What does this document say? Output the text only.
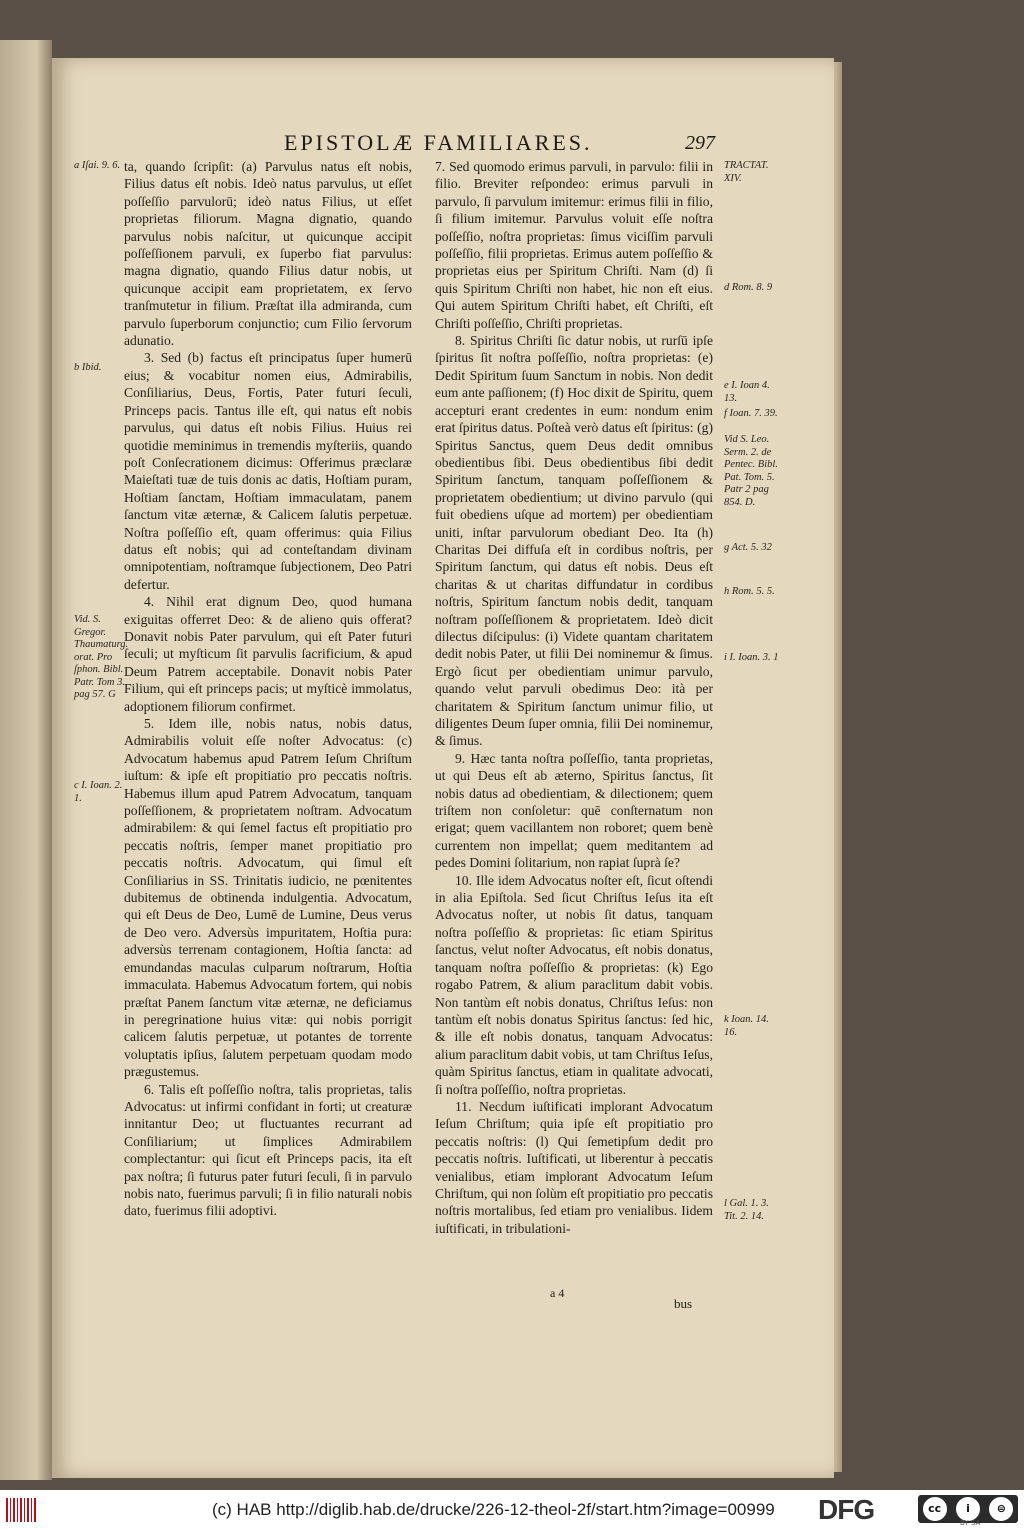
EPISTOLÆ FAMILIARES.	297

ta, quando ſcripſit: (a) Parvulus natus eſt nobis, Filius datus eſt nobis. Ideò natus parvulus, ut eſſet poſſeſſio parvulorū; ideò natus Filius, ut eſſet proprietas filiorum. Magna dignatio, quando parvulus nobis naſcitur, ut quicunque accipit poſſeſſionem parvuli, ex ſuperbo fiat parvulus: magna dignatio, quando Filius datur nobis, ut quicunque accipit eam proprietatem, ex ſervo tranſmutetur in filium. Præſtat illa admiranda, cum parvulo ſuperborum conjunctio; cum Filio ſervorum adunatio.

3. Sed (b) factus eſt principatus ſuper humerū eius; & vocabitur nomen eius, Admirabilis, Conſiliarius, Deus, Fortis, Pater futuri ſeculi, Princeps pacis. Tantus ille eſt, qui natus eſt nobis parvulus, qui datus eſt nobis Filius. Huius rei quotidie meminimus in tremendis myſteriis, quando poſt Conſecrationem dicimus: Offerimus præclaræ Maieſtati tuæ de tuis donis ac datis, Hoſtiam puram, Hoſtiam ſanctam, Hoſtiam immaculatam, panem ſanctum vitæ æternæ, & Calicem ſalutis perpetuæ. Noſtra poſſeſſio eſt, quam offerimus: quia Filius datus eſt nobis; qui ad conteſtandam divinam omnipotentiam, noſtramque ſubjectionem, Deo Patri defertur.

4. Nihil erat dignum Deo, quod humana exiguitas offerret Deo: & de alieno quis offerat? Donavit nobis Pater parvulum, qui eſt Pater futuri ſeculi; ut myſticum ſit parvulis ſacrificium, & apud Deum Patrem acceptabile. Donavit nobis Pater Filium, qui eſt princeps pacis; ut myſticè immolatus, adoptionem filiorum confirmet.

5. Idem ille, nobis natus, nobis datus, Admirabilis voluit eſſe noſter Advocatus: (c) Advocatum habemus apud Patrem Ieſum Chriſtum iuſtum: & ipſe eſt propitiatio pro peccatis noſtris. Habemus illum apud Patrem Advocatum, tanquam poſſeſſionem, & proprietatem noſtram. Advocatum admirabilem: & qui ſemel factus eſt propitiatio pro peccatis noſtris, ſemper manet propitiatio pro peccatis noſtris. Advocatum, qui ſimul eſt Conſiliarius in SS. Trinitatis iudicio, ne pœnitentes dubitemus de obtinenda indulgentia. Advocatum, qui eſt Deus de Deo, Lumē de Lumine, Deus verus de Deo vero. Adversùs impuritatem, Hoſtia pura: adversùs terrenam contagionem, Hoſtia ſancta: ad emundandas maculas culparum noſtrarum, Hoſtia immaculata. Habemus Advocatum fortem, qui nobis præſtat Panem ſanctum vitæ æternæ, ne deficiamus in peregrinatione huius vitæ: qui nobis porrigit calicem ſalutis perpetuæ, ut potantes de torrente voluptatis ipſius, ſalutem perpetuam quodam modo prægustemus.

6. Talis eſt poſſeſſio noſtra, talis proprietas, talis Advocatus: ut infirmi confidant in forti; ut creaturæ innitantur Deo; ut fluctuantes recurrant ad Conſiliarium; ut ſimplices Admirabilem complectantur: qui ſicut eſt Princeps pacis, ita eſt pax noſtra; ſi futurus pater futuri ſeculi, ſi in parvulo nobis nato, fuerimus parvuli; ſi in filio naturali nobis dato, fuerimus filii adoptivi.

7. Sed quomodo erimus parvuli, in parvulo: filii in filio. Breviter reſpondeo: erimus parvuli in parvulo, ſi parvulum imitemur: erimus filii in filio, ſi filium imitemur. Parvulus voluit eſſe noſtra poſſeſſio, noſtra proprietas: ſimus viciſſim parvuli poſſeſſio, filii proprietas. Erimus autem poſſeſſio & proprietas eius per Spiritum Chriſti. Nam (d) ſi quis Spiritum Chriſti non habet, hic non eſt eius. Qui autem Spiritum Chriſti habet, eſt Chriſti, eſt Chriſti poſſeſſio, Chriſti proprietas.

8. Spiritus Chriſti ſic datur nobis, ut rurſū ipſe ſpiritus ſit noſtra poſſeſſio, noſtra proprietas: (e) Dedit Spiritum ſuum Sanctum in nobis. Non dedit eum ante paſſionem; (f) Hoc dixit de Spiritu, quem accepturi erant credentes in eum: nondum enim erat ſpiritus datus. Poſteà verò datus eſt ſpiritus: (g) Spiritus Sanctus, quem Deus dedit omnibus obedientibus ſibi. Deus obedientibus ſibi dedit Spiritum ſanctum, tanquam poſſeſſionem & proprietatem obedientium; ut divino parvulo (qui fuit obediens uſque ad mortem) per obedientiam uniti, inſtar parvulorum obediant Deo. Ita (h) Charitas Dei diffuſa eſt in cordibus noſtris, per Spiritum ſanctum, qui datus eſt nobis. Deus eſt charitas & ut charitas diffundatur in cordibus noſtris, Spiritum ſanctum nobis dedit, tanquam noſtram poſſeſſionem & proprietatem. Ideò dicit dilectus diſcipulus: (i) Videte quantam charitatem dedit nobis Pater, ut filii Dei nominemur & ſimus. Ergò ſicut per obedientiam unimur parvulo, quando velut parvuli obedimus Deo: ità per charitatem & Spiritum ſanctum unimur filio, ut diligentes Deum ſuper omnia, filii Dei nominemur, & ſimus.

9. Hæc tanta noſtra poſſeſſio, tanta proprietas, ut qui Deus eſt ab æterno, Spiritus ſanctus, ſit nobis datus ad obedientiam, & dilectionem; quem triſtem non conſoletur: quē conſternatum non erigat; quem vacillantem non roboret; quem benè currentem non impellat; quem meditantem ad pedes Domini ſolitarium, non rapiat ſuprà ſe?

10. Ille idem Advocatus noſter eſt, ſicut oſtendi in alia Epiſtola. Sed ſicut Chriſtus Ieſus ita eſt Advocatus noſter, ut nobis ſit datus, tanquam noſtra poſſeſſio & proprietas: ſic etiam Spiritus ſanctus, velut noſter Advocatus, eſt nobis donatus, tanquam noſtra poſſeſſio & proprietas: (k) Ego rogabo Patrem, & alium paraclitum dabit vobis. Non tantùm eſt nobis donatus, Chriſtus Ieſus: non tantùm eſt nobis donatus Spiritus ſanctus: ſed hic, & ille eſt nobis donatus, tanquam Advocatus: alium paraclitum dabit vobis, ut tam Chriſtus Ieſus, quàm Spiritus ſanctus, etiam in qualitate advocati, ſi noſtra poſſeſſio, noſtra proprietas.

11. Necdum iuſtificati implorant Advocatum Ieſum Chriſtum; quia ipſe eſt propitiatio pro peccatis noſtris: (l) Qui ſemetipſum dedit pro peccatis noſtris. Iuſtificati, ut liberentur à peccatis venialibus, etiam implorant Advocatum Ieſum Chriſtum, qui non ſolùm eſt propitiatio pro peccatis noſtris mortalibus, ſed etiam pro venialibus. Iidem iuſtificati, in tribulationi-

a Iſai. 9. 6.
b Ibid.
Vid. S. Gregor. Thaumaturg. orat. Pro ſphon. Bibl. Patr. Tom 3. pag 57. G
c I. Ioan. 2. 1.
TRACTAT. XIV.
d Rom. 8. 9
e I. Ioan 4. 13.
f Ioan. 7. 39.
Vid S. Leo. Serm. 2. de Pentec. Bibl. Pat. Tom. 5. Patr 2 pag 854. D.
g Act. 5. 32
h Rom. 5. 5.
i I. Ioan. 3. 1
k Ioan. 14. 16.
l Gal. 1. 3. Tit. 2. 14.
a 4
bus
(c) HAB http://diglib.hab.de/drucke/226-12-theol-2f/start.htm?image=00999 DFG	cc	i	⊜
BY SA
